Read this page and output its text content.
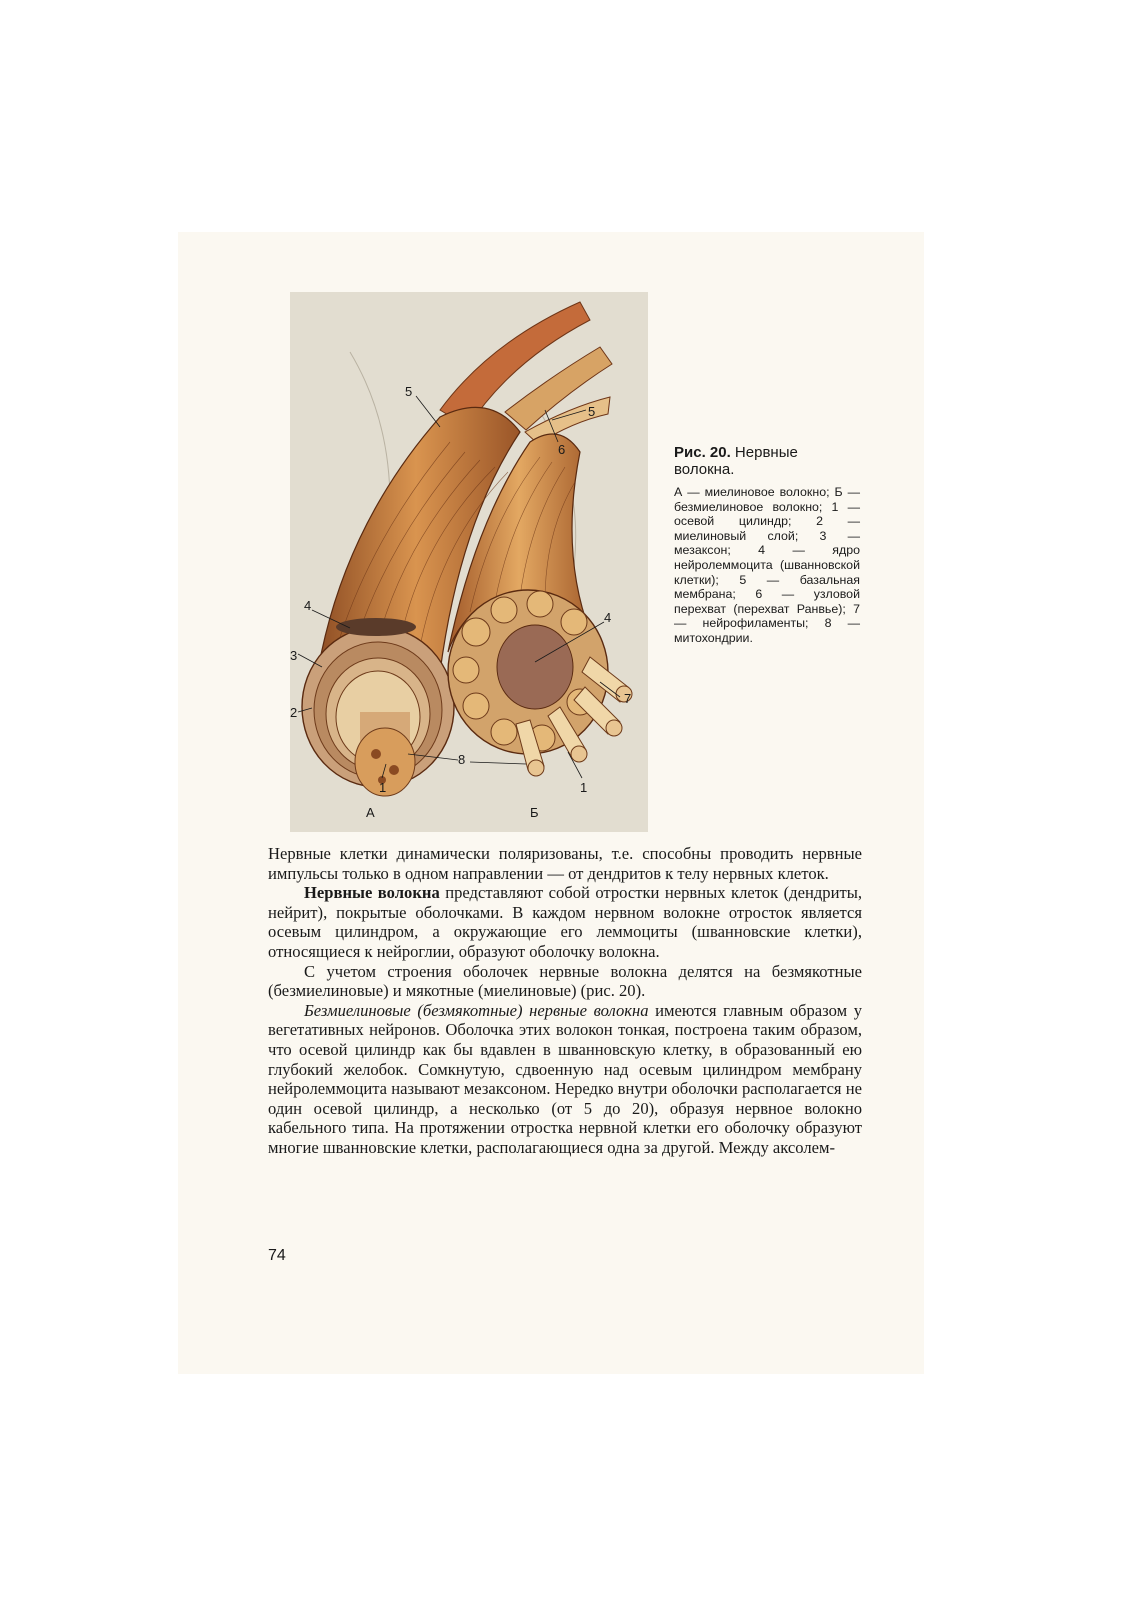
5
5
6
4
4
3
2
7
8
1	1
А	Б
Рис. 20. Нервные волокна.
А — миелиновое волокно; Б — безмиелиновое волокно; 1 — осевой цилиндр; 2 — миелиновый слой; 3 — мезаксон; 4 — ядро нейролеммоцита (шванновской клетки); 5 — базальная мембрана; 6 — узловой перехват (перехват Ранвье); 7 — нейрофиламенты; 8 — митохондрии.

Нервные клетки динамически поляризованы, т.е. способны проводить нервные импульсы только в одном направлении — от дендритов к телу нервных клеток.

Нервные волокна представляют собой отростки нервных клеток (дендриты, нейрит), покрытые оболочками. В каждом нервном волокне отросток является осевым цилиндром, а окружающие его леммоциты (шванновские клетки), относящиеся к нейроглии, образуют оболочку волокна.

С учетом строения оболочек нервные волокна делятся на безмякотные (безмиелиновые) и мякотные (миелиновые) (рис. 20).

Безмиелиновые (безмякотные) нервные волокна имеются главным образом у вегетативных нейронов. Оболочка этих волокон тонкая, построена таким образом, что осевой цилиндр как бы вдавлен в шванновскую клетку, в образованный ею глубокий желобок. Сомкнутую, сдвоенную над осевым цилиндром мембрану нейролеммоцита называют мезаксоном. Нередко внутри оболочки располагается не один осевой цилиндр, а несколько (от 5 до 20), образуя нервное волокно кабельного типа. На протяжении отростка нервной клетки его оболочку образуют многие шванновские клетки, располагающиеся одна за другой. Между аксолем-

74
